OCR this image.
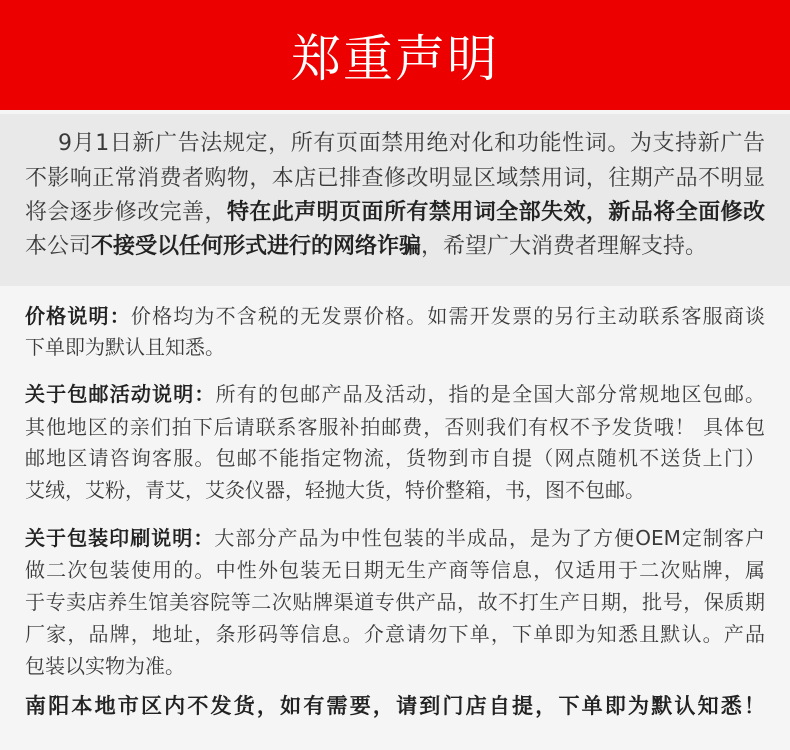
郑重声明
9月1日新广告法规定，所有页面禁用绝对化和功能性词。为支持新广告
不影响正常消费者购物，本店已排查修改明显区域禁用词，往期产品不明显
将会逐步修改完善，特在此声明页面所有禁用词全部失效，新品将全面修改
本公司不接受以任何形式进行的网络诈骗，希望广大消费者理解支持。
价格说明：价格均为不含税的无发票价格。如需开发票的另行主动联系客服商谈
下单即为默认且知悉。
关于包邮活动说明：所有的包邮产品及活动，指的是全国大部分常规地区包邮。
其他地区的亲们拍下后请联系客服补拍邮费，否则我们有权不予发货哦！ 具体包
邮地区请咨询客服。包邮不能指定物流，货物到市自提（网点随机不送货上门）
艾绒，艾粉，青艾，艾灸仪器，轻抛大货，特价整箱，书，图不包邮。
关于包装印刷说明：大部分产品为中性包装的半成品，是为了方便OEM定制客户
做二次包装使用的。中性外包装无日期无生产商等信息，仅适用于二次贴牌，属
于专卖店养生馆美容院等二次贴牌渠道专供产品，故不打生产日期，批号，保质期
厂家，品牌，地址，条形码等信息。介意请勿下单，下单即为知悉且默认。产品
包装以实物为准。
南阳本地市区内不发货，如有需要，请到门店自提，下单即为默认知悉！
